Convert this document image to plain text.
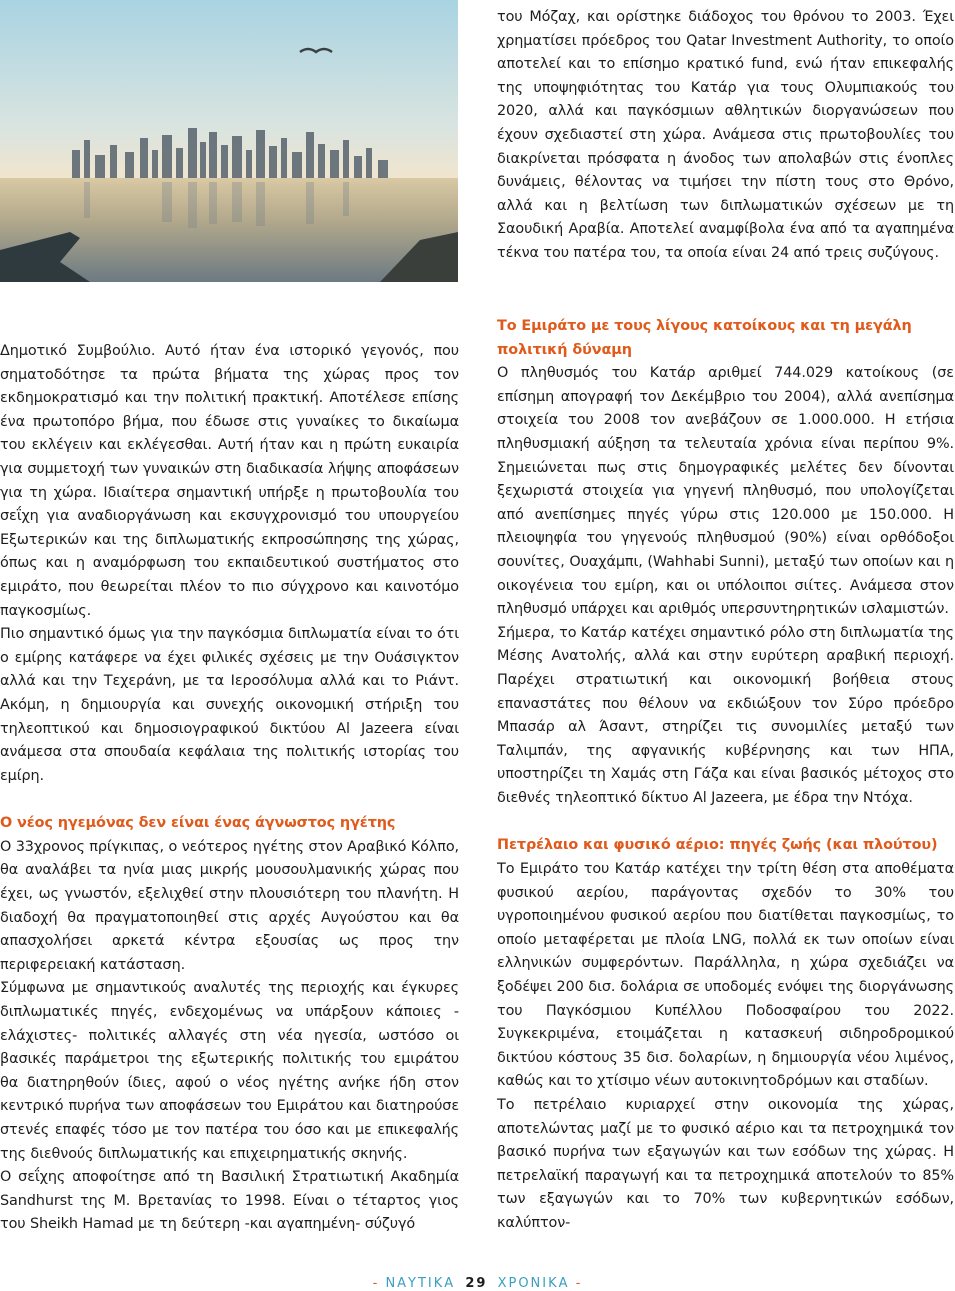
του Μόζαχ, και ορίστηκε διάδοχος του θρόνου το 2003. Έχει χρηματίσει πρόεδρος του Qatar Investment Authority, το οποίο αποτελεί και το επίσημο κρατικό fund, ενώ ήταν επικεφαλής της υποψηφιότητας του Κατάρ για τους Ολυμπιακούς του 2020, αλλά και παγκόσμιων αθλητικών διοργανώσεων που έχουν σχεδιαστεί στη χώρα. Ανάμεσα στις πρωτοβουλίες του διακρίνεται πρόσφατα η άνοδος των απολαβών στις ένοπλες δυνάμεις, θέλοντας να τιμήσει την πίστη τους στο Θρόνο, αλλά και η βελτίωση των διπλωματικών σχέσεων με τη Σαουδική Αραβία. Αποτελεί αναμφίβολα ένα από τα αγαπημένα τέκνα του πατέρα του, τα οποία είναι 24 από τρεις συζύγους.

Δημοτικό Συμβούλιο. Αυτό ήταν ένα ιστορικό γεγονός, που σηματοδότησε τα πρώτα βήματα της χώρας προς τον εκδημοκρατισμό και την πολιτική πρακτική. Αποτέλεσε επίσης ένα πρωτοπόρο βήμα, που έδωσε στις γυναίκες το δικαίωμα του εκλέγειν και εκλέγεσθαι. Αυτή ήταν και η πρώτη ευκαιρία για συμμετοχή των γυναικών στη διαδικασία λήψης αποφάσεων για τη χώρα. Ιδιαίτερα σημαντική υπήρξε η πρωτοβουλία του σεΐχη για αναδιοργάνωση και εκσυγχρονισμό του υπουργείου Εξωτερικών και της διπλωματικής εκπροσώπησης της χώρας, όπως και η αναμόρφωση του εκπαιδευτικού συστήματος στο εμιράτο, που θεωρείται πλέον το πιο σύγχρονο και καινοτόμο παγκοσμίως.

Πιο σημαντικό όμως για την παγκόσμια διπλωματία είναι το ότι ο εμίρης κατάφερε να έχει φιλικές σχέσεις με την Ουάσιγκτον αλλά και την Τεχεράνη, με τα Ιεροσόλυμα αλλά και το Ριάντ. Ακόμη, η δημιουργία και συνεχής οικονομική στήριξη του τηλεοπτικού και δημοσιογραφικού δικτύου Al Jazeera είναι ανάμεσα στα σπουδαία κεφάλαια της πολιτικής ιστορίας του εμίρη.

Ο νέος ηγεμόνας δεν είναι ένας άγνωστος ηγέτης

Ο 33χρονος πρίγκιπας, ο νεότερος ηγέτης στον Αραβικό Κόλπο, θα αναλάβει τα ηνία μιας μικρής μουσουλμανικής χώρας που έχει, ως γνωστόν, εξελιχθεί στην πλουσιότερη του πλανήτη. Η διαδοχή θα πραγματοποιηθεί στις αρχές Αυγούστου και θα απασχολήσει αρκετά κέντρα εξουσίας ως προς την περιφερειακή κατάσταση.

Σύμφωνα με σημαντικούς αναλυτές της περιοχής και έγκυρες διπλωματικές πηγές, ενδεχομένως να υπάρξουν κάποιες - ελάχιστες- πολιτικές αλλαγές στη νέα ηγεσία, ωστόσο οι βασικές παράμετροι της εξωτερικής πολιτικής του εμιράτου θα διατηρηθούν ίδιες, αφού ο νέος ηγέτης ανήκε ήδη στον κεντρικό πυρήνα των αποφάσεων του Εμιράτου και διατηρούσε στενές επαφές τόσο με τον πατέρα του όσο και με επικεφαλής της διεθνούς διπλωματικής και επιχειρηματικής σκηνής.

Ο σεΐχης αποφοίτησε από τη Βασιλική Στρατιωτική Ακαδημία Sandhurst της Μ. Βρετανίας το 1998. Είναι ο τέταρτος γιος του Sheikh Hamad με τη δεύτερη -και αγαπημένη- σύζυγό

Το Εμιράτο με τους λίγους κατοίκους και τη μεγάλη πολιτική δύναμη

Ο πληθυσμός του Κατάρ αριθμεί 744.029 κατοίκους (σε επίσημη απογραφή τον Δεκέμβριο του 2004), αλλά ανεπίσημα στοιχεία του 2008 τον ανεβάζουν σε 1.000.000. Η ετήσια πληθυσμιακή αύξηση τα τελευταία χρόνια είναι περίπου 9%. Σημειώνεται πως στις δημογραφικές μελέτες δεν δίνονται ξεχωριστά στοιχεία για γηγενή πληθυσμό, που υπολογίζεται από ανεπίσημες πηγές γύρω στις 120.000 με 150.000. Η πλειοψηφία του γηγενούς πληθυσμού (90%) είναι ορθόδοξοι σουνίτες, Ουαχάμπι, (Wahhabi Sunni), μεταξύ των οποίων και η οικογένεια του εμίρη, και οι υπόλοιποι σιίτες. Ανάμεσα στον πληθυσμό υπάρχει και αριθμός υπερσυντηρητικών ισλαμιστών.

Σήμερα, το Κατάρ κατέχει σημαντικό ρόλο στη διπλωματία της Μέσης Ανατολής, αλλά και στην ευρύτερη αραβική περιοχή. Παρέχει στρατιωτική και οικονομική βοήθεια στους επαναστάτες που θέλουν να εκδιώξουν τον Σύρο πρόεδρο Μπασάρ αλ Άσαντ, στηρίζει τις συνομιλίες μεταξύ των Ταλιμπάν, της αφγανικής κυβέρνησης και των ΗΠΑ, υποστηρίζει τη Χαμάς στη Γάζα και είναι βασικός μέτοχος στο διεθνές τηλεοπτικό δίκτυο Al Jazeera, με έδρα την Ντόχα.

Πετρέλαιο και φυσικό αέριο: πηγές ζωής (και πλούτου)

Το Εμιράτο του Κατάρ κατέχει την τρίτη θέση στα αποθέματα φυσικού αερίου, παράγοντας σχεδόν το 30% του υγροποιημένου φυσικού αερίου που διατίθεται παγκοσμίως, το οποίο μεταφέρεται με πλοία LNG, πολλά εκ των οποίων είναι ελληνικών συμφερόντων. Παράλληλα, η χώρα σχεδιάζει να ξοδέψει 200 δισ. δολάρια σε υποδομές ενόψει της διοργάνωσης του Παγκόσμιου Κυπέλλου Ποδοσφαίρου του 2022. Συγκεκριμένα, ετοιμάζεται η κατασκευή σιδηροδρομικού δικτύου κόστους 35 δισ. δολαρίων, η δημιουργία νέου λιμένος, καθώς και το χτίσιμο νέων αυτοκινητοδρόμων και σταδίων.

Το πετρέλαιο κυριαρχεί στην οικονομία της χώρας, αποτελώντας μαζί με το φυσικό αέριο και τα πετροχημικά τον βασικό πυρήνα των εξαγωγών και των εσόδων της χώρας. Η πετρελαϊκή παραγωγή και τα πετροχημικά αποτελούν το 85% των εξαγωγών και το 70% των κυβερνητικών εσόδων, καλύπτον-

- ΝΑΥΤΙΚΑ 29 ΧΡΟΝΙΚΑ -
